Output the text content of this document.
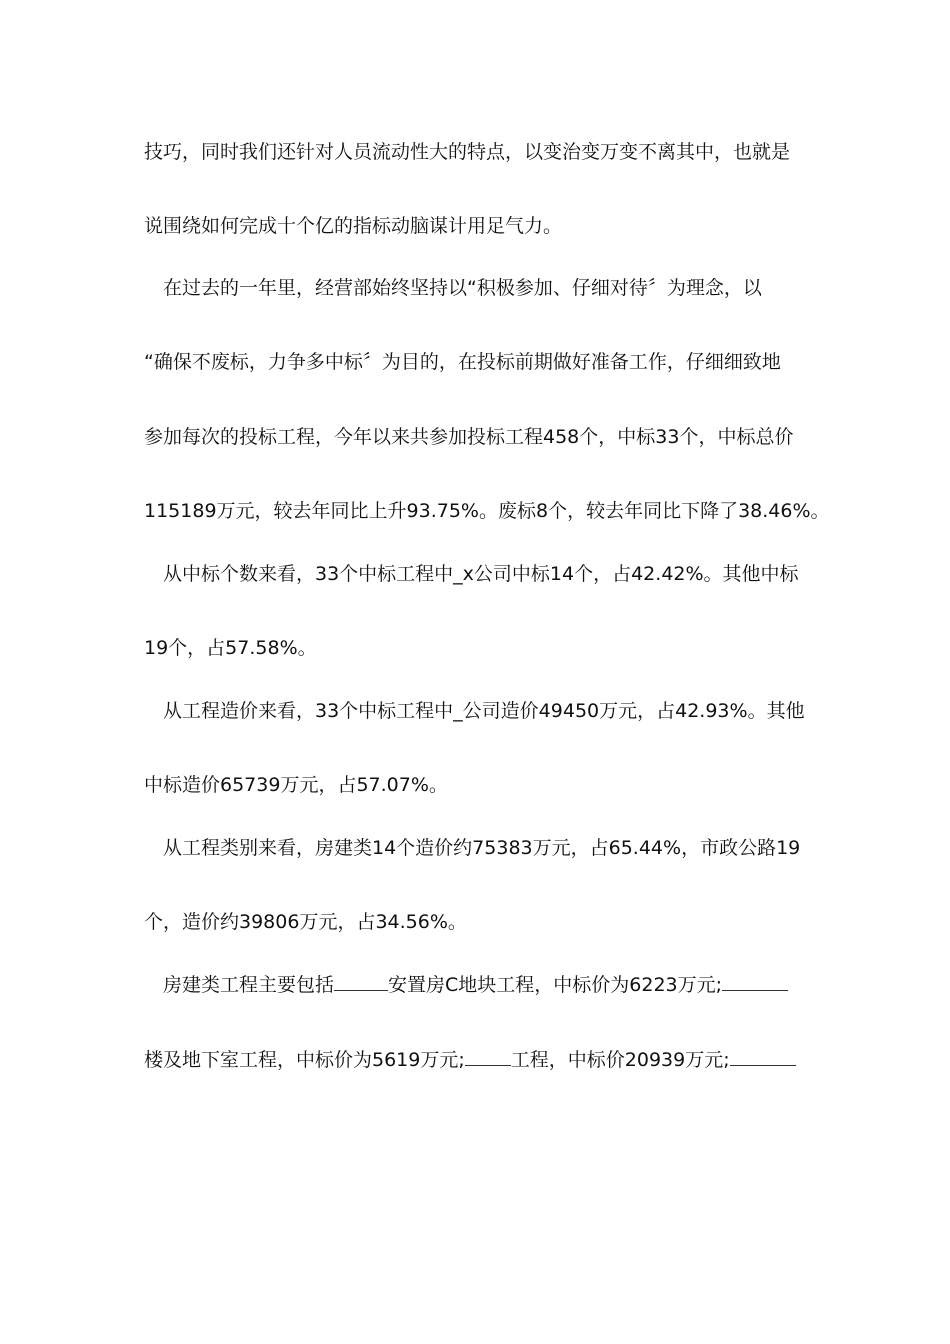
技巧，同时我们还针对人员流动性大的特点，以变治变万变不离其中，也就是
说围绕如何完成十个亿的指标动脑谋计用足气力。
在过去的一年里，经营部始终坚持以“积极参加、仔细对待〞为理念，以
“确保不废标，力争多中标〞为目的，在投标前期做好准备工作，仔细细致地
参加每次的投标工程，今年以来共参加投标工程458个，中标33个，中标总价
115189万元，较去年同比上升93.75%。废标8个，较去年同比下降了38.46%。
从中标个数来看，33个中标工程中_x公司中标14个，占42.42%。其他中标
19个，占57.58%。
从工程造价来看，33个中标工程中_公司造价49450万元，占42.93%。其他
中标造价65739万元，占57.07%。
从工程类别来看，房建类14个造价约75383万元，占65.44%，市政公路19
个，造价约39806万元，占34.56%。
房建类工程主要包括	安置房C地块工程，中标价为6223万元;
楼及地下室工程，中标价为5619万元; 工程，中标价20939万元;
